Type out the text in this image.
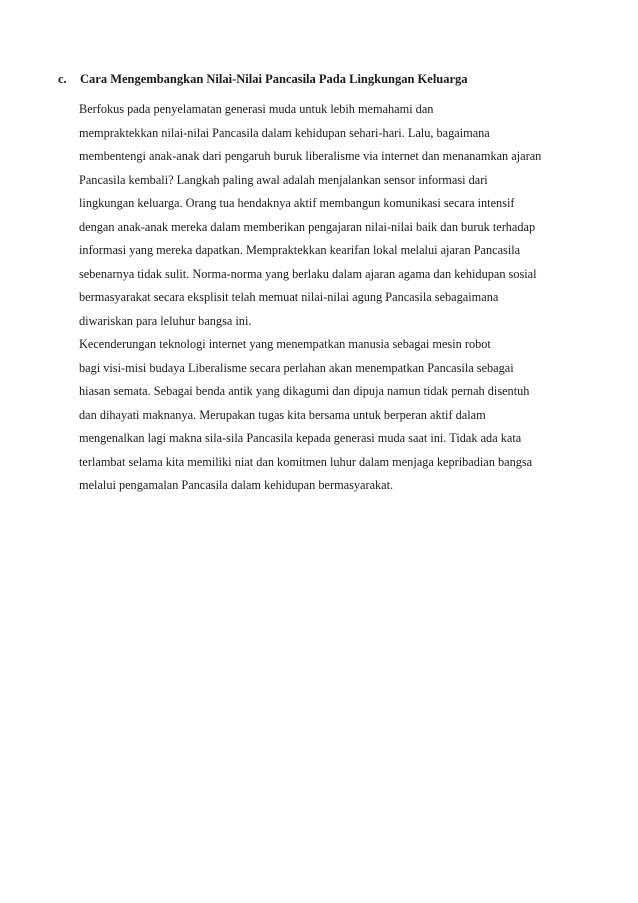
c. Cara Mengembangkan Nilai-Nilai Pancasila Pada Lingkungan Keluarga
Berfokus pada penyelamatan generasi muda untuk lebih memahami dan
mempraktekkan nilai-nilai Pancasila dalam kehidupan sehari-hari. Lalu, bagaimana
membentengi anak-anak dari pengaruh buruk liberalisme via internet dan menanamkan ajaran
Pancasila kembali? Langkah paling awal adalah menjalankan sensor informasi dari
lingkungan keluarga. Orang tua hendaknya aktif membangun komunikasi secara intensif
dengan anak-anak mereka dalam memberikan pengajaran nilai-nilai baik dan buruk terhadap
informasi yang mereka dapatkan. Mempraktekkan kearifan lokal melalui ajaran Pancasila
sebenarnya tidak sulit. Norma-norma yang berlaku dalam ajaran agama dan kehidupan sosial
bermasyarakat secara eksplisit telah memuat nilai-nilai agung Pancasila sebagaimana
diwariskan para leluhur bangsa ini.
Kecenderungan teknologi internet yang menempatkan manusia sebagai mesin robot
bagi visi-misi budaya Liberalisme secara perlahan akan menempatkan Pancasila sebagai
hiasan semata. Sebagai benda antik yang dikagumi dan dipuja namun tidak pernah disentuh
dan dihayati maknanya. Merupakan tugas kita bersama untuk berperan aktif dalam
mengenalkan lagi makna sila-sila Pancasila kepada generasi muda saat ini. Tidak ada kata
terlambat selama kita memiliki niat dan komitmen luhur dalam menjaga kepribadian bangsa
melalui pengamalan Pancasila dalam kehidupan bermasyarakat.
